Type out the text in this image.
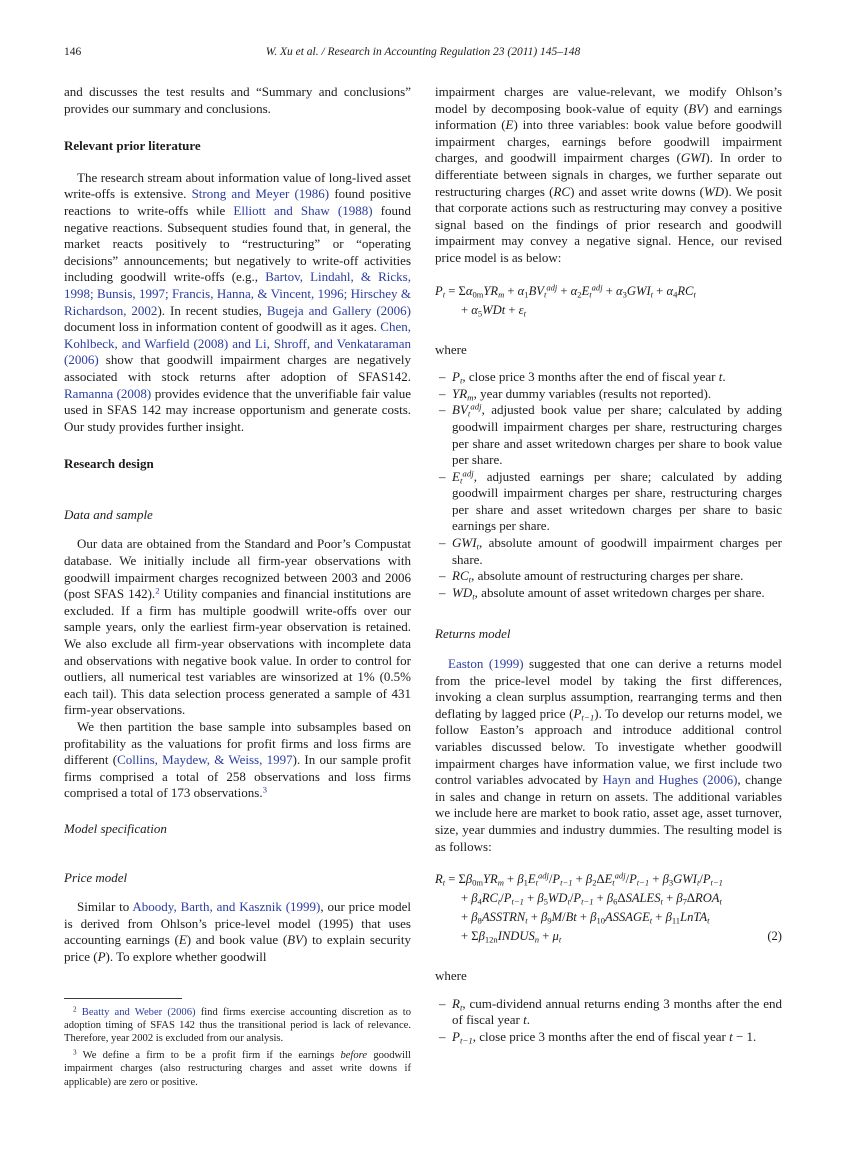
146	W. Xu et al. / Research in Accounting Regulation 23 (2011) 145–148

and discusses the test results and “Summary and conclusions” provides our summary and conclusions.

Relevant prior literature

The research stream about information value of long-lived asset write-offs is extensive. Strong and Meyer (1986) found positive reactions to write-offs while Elliott and Shaw (1988) found negative reactions. Subsequent studies found that, in general, the market reacts positively to “restructuring” or “operating decisions” announcements; but negatively to write-off activities including goodwill write-offs (e.g., Bartov, Lindahl, & Ricks, 1998; Bunsis, 1997; Francis, Hanna, & Vincent, 1996; Hirschey & Richardson, 2002). In recent studies, Bugeja and Gallery (2006) document loss in information content of goodwill as it ages. Chen, Kohlbeck, and Warfield (2008) and Li, Shroff, and Venkataraman (2006) show that goodwill impairment charges are negatively associated with stock returns after adoption of SFAS142. Ramanna (2008) provides evidence that the unverifiable fair value used in SFAS 142 may increase opportunism and generate costs. Our study provides further insight.

Research design
Data and sample

Our data are obtained from the Standard and Poor’s Compustat database. We initially include all firm-year observations with goodwill impairment charges recognized between 2003 and 2006 (post SFAS 142).$^2$ Utility companies and financial institutions are excluded. If a firm has multiple goodwill write-offs over our sample years, only the earliest firm-year observation is retained. We also exclude all firm-year observations with incomplete data and observations with negative book value. In order to control for outliers, all numerical test variables are winsorized at 1% (0.5% each tail). This data selection process generated a sample of 431 firm-year observations.

We then partition the base sample into subsamples based on profitability as the valuations for profit firms and loss firms are different (Collins, Maydew, & Weiss, 1997). In our sample profit firms comprised a total of 258 observations and loss firms comprised a total of 173 observations.$^3$

Model specification
Price model

Similar to Aboody, Barth, and Kasznik (1999), our price model is derived from Ohlson’s price-level model (1995) that uses accounting earnings (E) and book value (BV) to explain security price (P). To explore whether goodwill

$^2$ Beatty and Weber (2006) find firms exercise accounting discretion as to adoption timing of SFAS 142 thus the transitional period is lack of relevance. Therefore, year 2002 is excluded from our analysis.

$^3$ We define a firm to be a profit firm if the earnings before goodwill impairment charges (also restructuring charges and asset write downs if applicable) are zero or positive.

impairment charges are value-relevant, we modify Ohlson’s model by decomposing book-value of equity (BV) and earnings information (E) into three variables: book value before goodwill impairment charges, earnings before goodwill impairment charges, and goodwill impairment charges (GWI). In order to differentiate between signals in charges, we further separate out restructuring charges (RC) and asset write downs (WD). We posit that corporate actions such as restructuring may convey a positive signal based on the findings of prior research and goodwill impairment may convey a negative signal. Hence, our revised price model is as below:

Pt = Σα0mYRm + $\alpha 1BVt^{adj} + \alpha 2Et^{adj}$ + α3GWIt + α4RCt
+ α5WDt + εt

where

– Pt, close price 3 months after the end of fiscal year t.
– YRm, year dummy variables (results not reported).
– BVt$^{adj}$, adjusted book value per share; calculated by adding goodwill impairment charges per share, restructuring charges per share and asset writedown charges per share to book value per share.
– $Et^{adj}$, adjusted earnings per share; calculated by adding goodwill impairment charges per share, restructuring charges per share and asset writedown charges per share to basic earnings per share.
– GWIt, absolute amount of goodwill impairment charges per share.
– RCt, absolute amount of restructuring charges per share.
– WDt, absolute amount of asset writedown charges per share.
Returns model

Easton (1999) suggested that one can derive a returns model from the price-level model by taking the first differences, invoking a clean surplus assumption, rearranging terms and then deflating by lagged price (Pt−1). To develop our returns model, we follow Easton’s approach and introduce additional control variables discussed below. To investigate whether goodwill impairment charges have information value, we first include two control variables advocated by Hayn and Hughes (2006), change in sales and change in return on assets. The additional variables we include here are market to book ratio, asset age, asset turnover, size, year dummies and industry dummies. The resulting model is as follows:

Rt = Σβ0mYRm + $\beta 1Et^{adj}/Pt-1 + \beta 2\Delta Et^{adj}/Pt-1$ + β3GWIt/Pt−1
+ β4RCt/Pt−1 + β5WDt/Pt−1 + β6ΔSALESt + β7ΔROAt
+ β8ASSTRNt + β9M/Bt + β10ASSAGEt + β11LnTAt
+ Σβ12nINDUSn + μt	(2)

where

– Rt, cum-dividend annual returns ending 3 months after the end of fiscal year t.
– Pt−1, close price 3 months after the end of fiscal year t − 1.
